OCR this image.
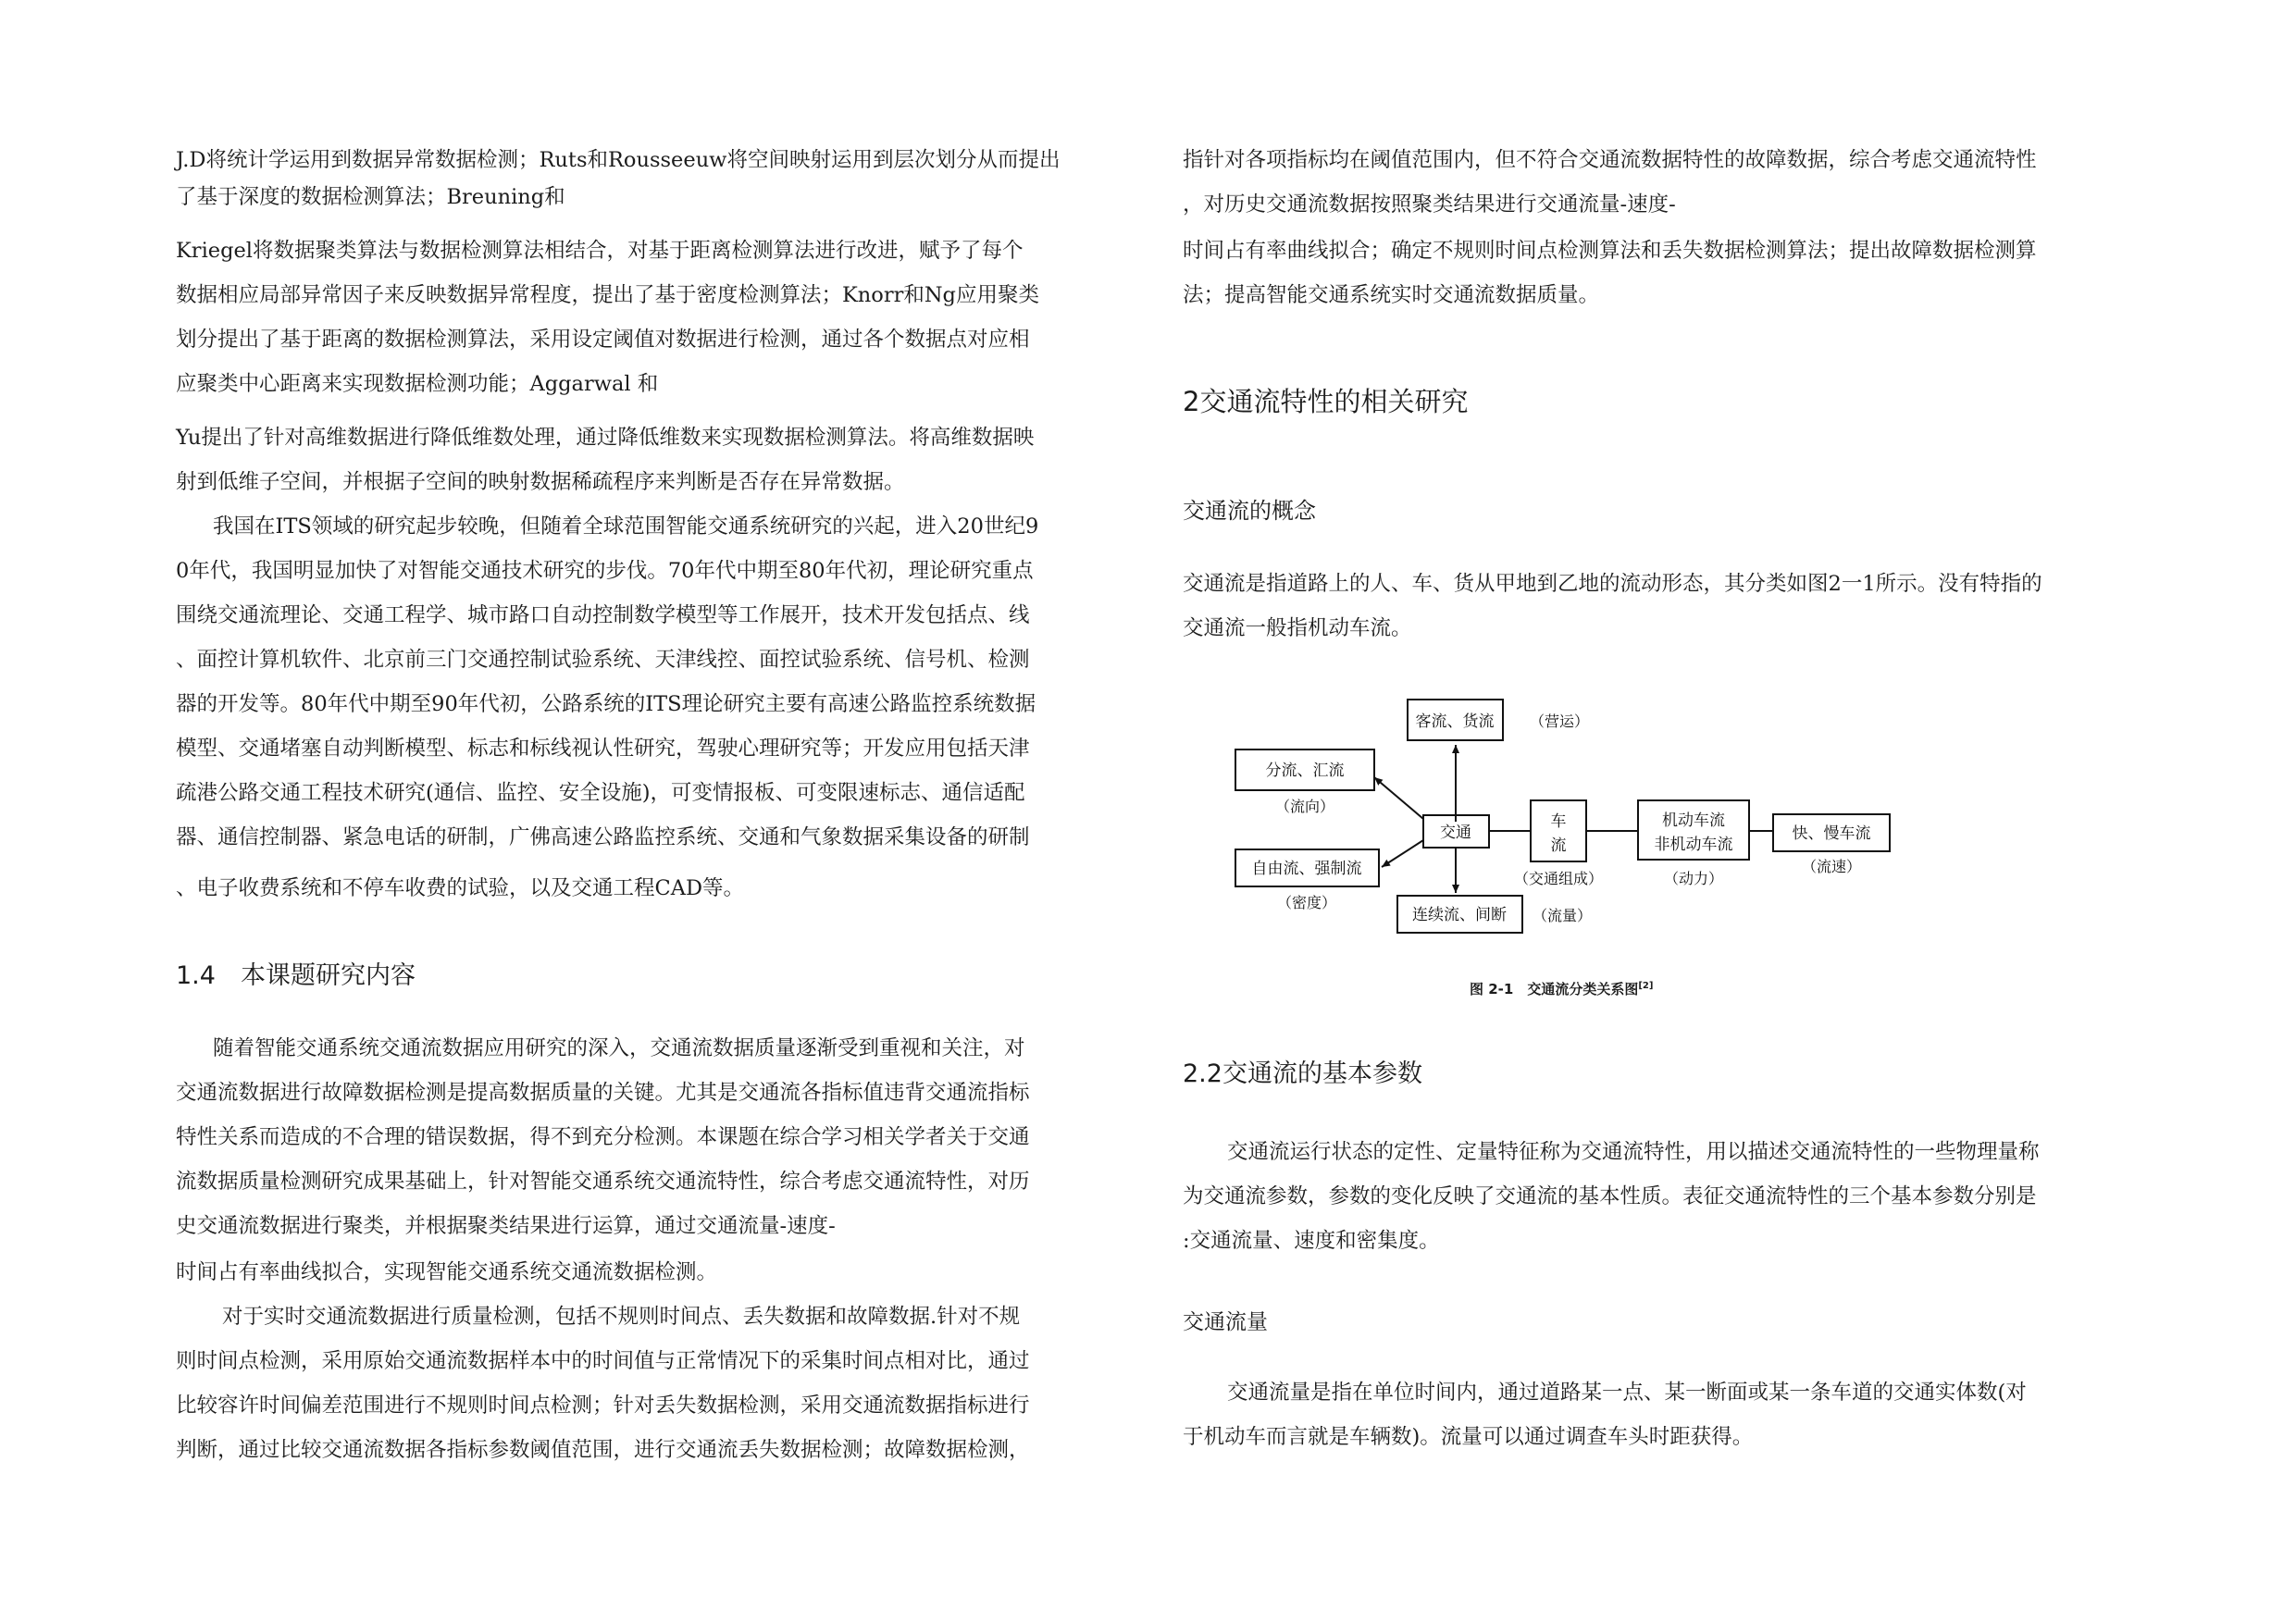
J.D将统计学运用到数据异常数据检测；Ruts和Rousseeuw将空间映射运用到层次划分从而提出
了基于深度的数据检测算法；Breuning和
Kriegel将数据聚类算法与数据检测算法相结合，对基于距离检测算法进行改进，赋予了每个
数据相应局部异常因子来反映数据异常程度，提出了基于密度检测算法；Knorr和Ng应用聚类
划分提出了基于距离的数据检测算法，采用设定阈值对数据进行检测，通过各个数据点对应相
应聚类中心距离来实现数据检测功能；Aggarwal 和
Yu提出了针对高维数据进行降低维数处理，通过降低维数来实现数据检测算法。将高维数据映
射到低维子空间，并根据子空间的映射数据稀疏程序来判断是否存在异常数据。
我国在ITS领域的研究起步较晚，但随着全球范围智能交通系统研究的兴起，进入20世纪9
0年代，我国明显加快了对智能交通技术研究的步伐。70年代中期至80年代初，理论研究重点
围绕交通流理论、交通工程学、城市路口自动控制数学模型等工作展开，技术开发包括点、线
、面控计算机软件、北京前三门交通控制试验系统、天津线控、面控试验系统、信号机、检测
器的开发等。80年代中期至90年代初，公路系统的ITS理论研究主要有高速公路监控系统数据
模型、交通堵塞自动判断模型、标志和标线视认性研究，驾驶心理研究等；开发应用包括天津
疏港公路交通工程技术研究(通信、监控、安全设施)，可变情报板、可变限速标志、通信适配
器、通信控制器、紧急电话的研制，广佛高速公路监控系统、交通和气象数据采集设备的研制
、电子收费系统和不停车收费的试验，以及交通工程CAD等。
1.4　本课题研究内容
随着智能交通系统交通流数据应用研究的深入，交通流数据质量逐渐受到重视和关注，对
交通流数据进行故障数据检测是提高数据质量的关键。尤其是交通流各指标值违背交通流指标
特性关系而造成的不合理的错误数据，得不到充分检测。本课题在综合学习相关学者关于交通
流数据质量检测研究成果基础上，针对智能交通系统交通流特性，综合考虑交通流特性，对历
史交通流数据进行聚类，并根据聚类结果进行运算，通过交通流量-速度-
时间占有率曲线拟合，实现智能交通系统交通流数据检测。
对于实时交通流数据进行质量检测，包括不规则时间点、丢失数据和故障数据.针对不规
则时间点检测，采用原始交通流数据样本中的时间值与正常情况下的采集时间点相对比，通过
比较容许时间偏差范围进行不规则时间点检测；针对丢失数据检测，采用交通流数据指标进行
判断，通过比较交通流数据各指标参数阈值范围，进行交通流丢失数据检测；故障数据检测，
指针对各项指标均在阈值范围内，但不符合交通流数据特性的故障数据，综合考虑交通流特性
，对历史交通流数据按照聚类结果进行交通流量-速度-
时间占有率曲线拟合；确定不规则时间点检测算法和丢失数据检测算法；提出故障数据检测算
法；提高智能交通系统实时交通流数据质量。
2交通流特性的相关研究
交通流的概念
交通流是指道路上的人、车、货从甲地到乙地的流动形态，其分类如图2一1所示。没有特指的
交通流一般指机动车流。
2.2交通流的基本参数
交通流运行状态的定性、定量特征称为交通流特性，用以描述交通流特性的一些物理量称
为交通流参数，参数的变化反映了交通流的基本性质。表征交通流特性的三个基本参数分别是
:交通流量、速度和密集度。
交通流量
交通流量是指在单位时间内，通过道路某一点、某一断面或某一条车道的交通实体数(对
于机动车而言就是车辆数)。流量可以通过调查车头时距获得。
客流、货流
分流、汇流
自由流、强制流
交通
车
流
机动车流
非机动车流
快、慢车流
连续流、间断
（营运）
（流向）
（密度）
（交通组成）	（动力）
（流速）
（流量）
图 2-1　交通流分类关系图[2]
